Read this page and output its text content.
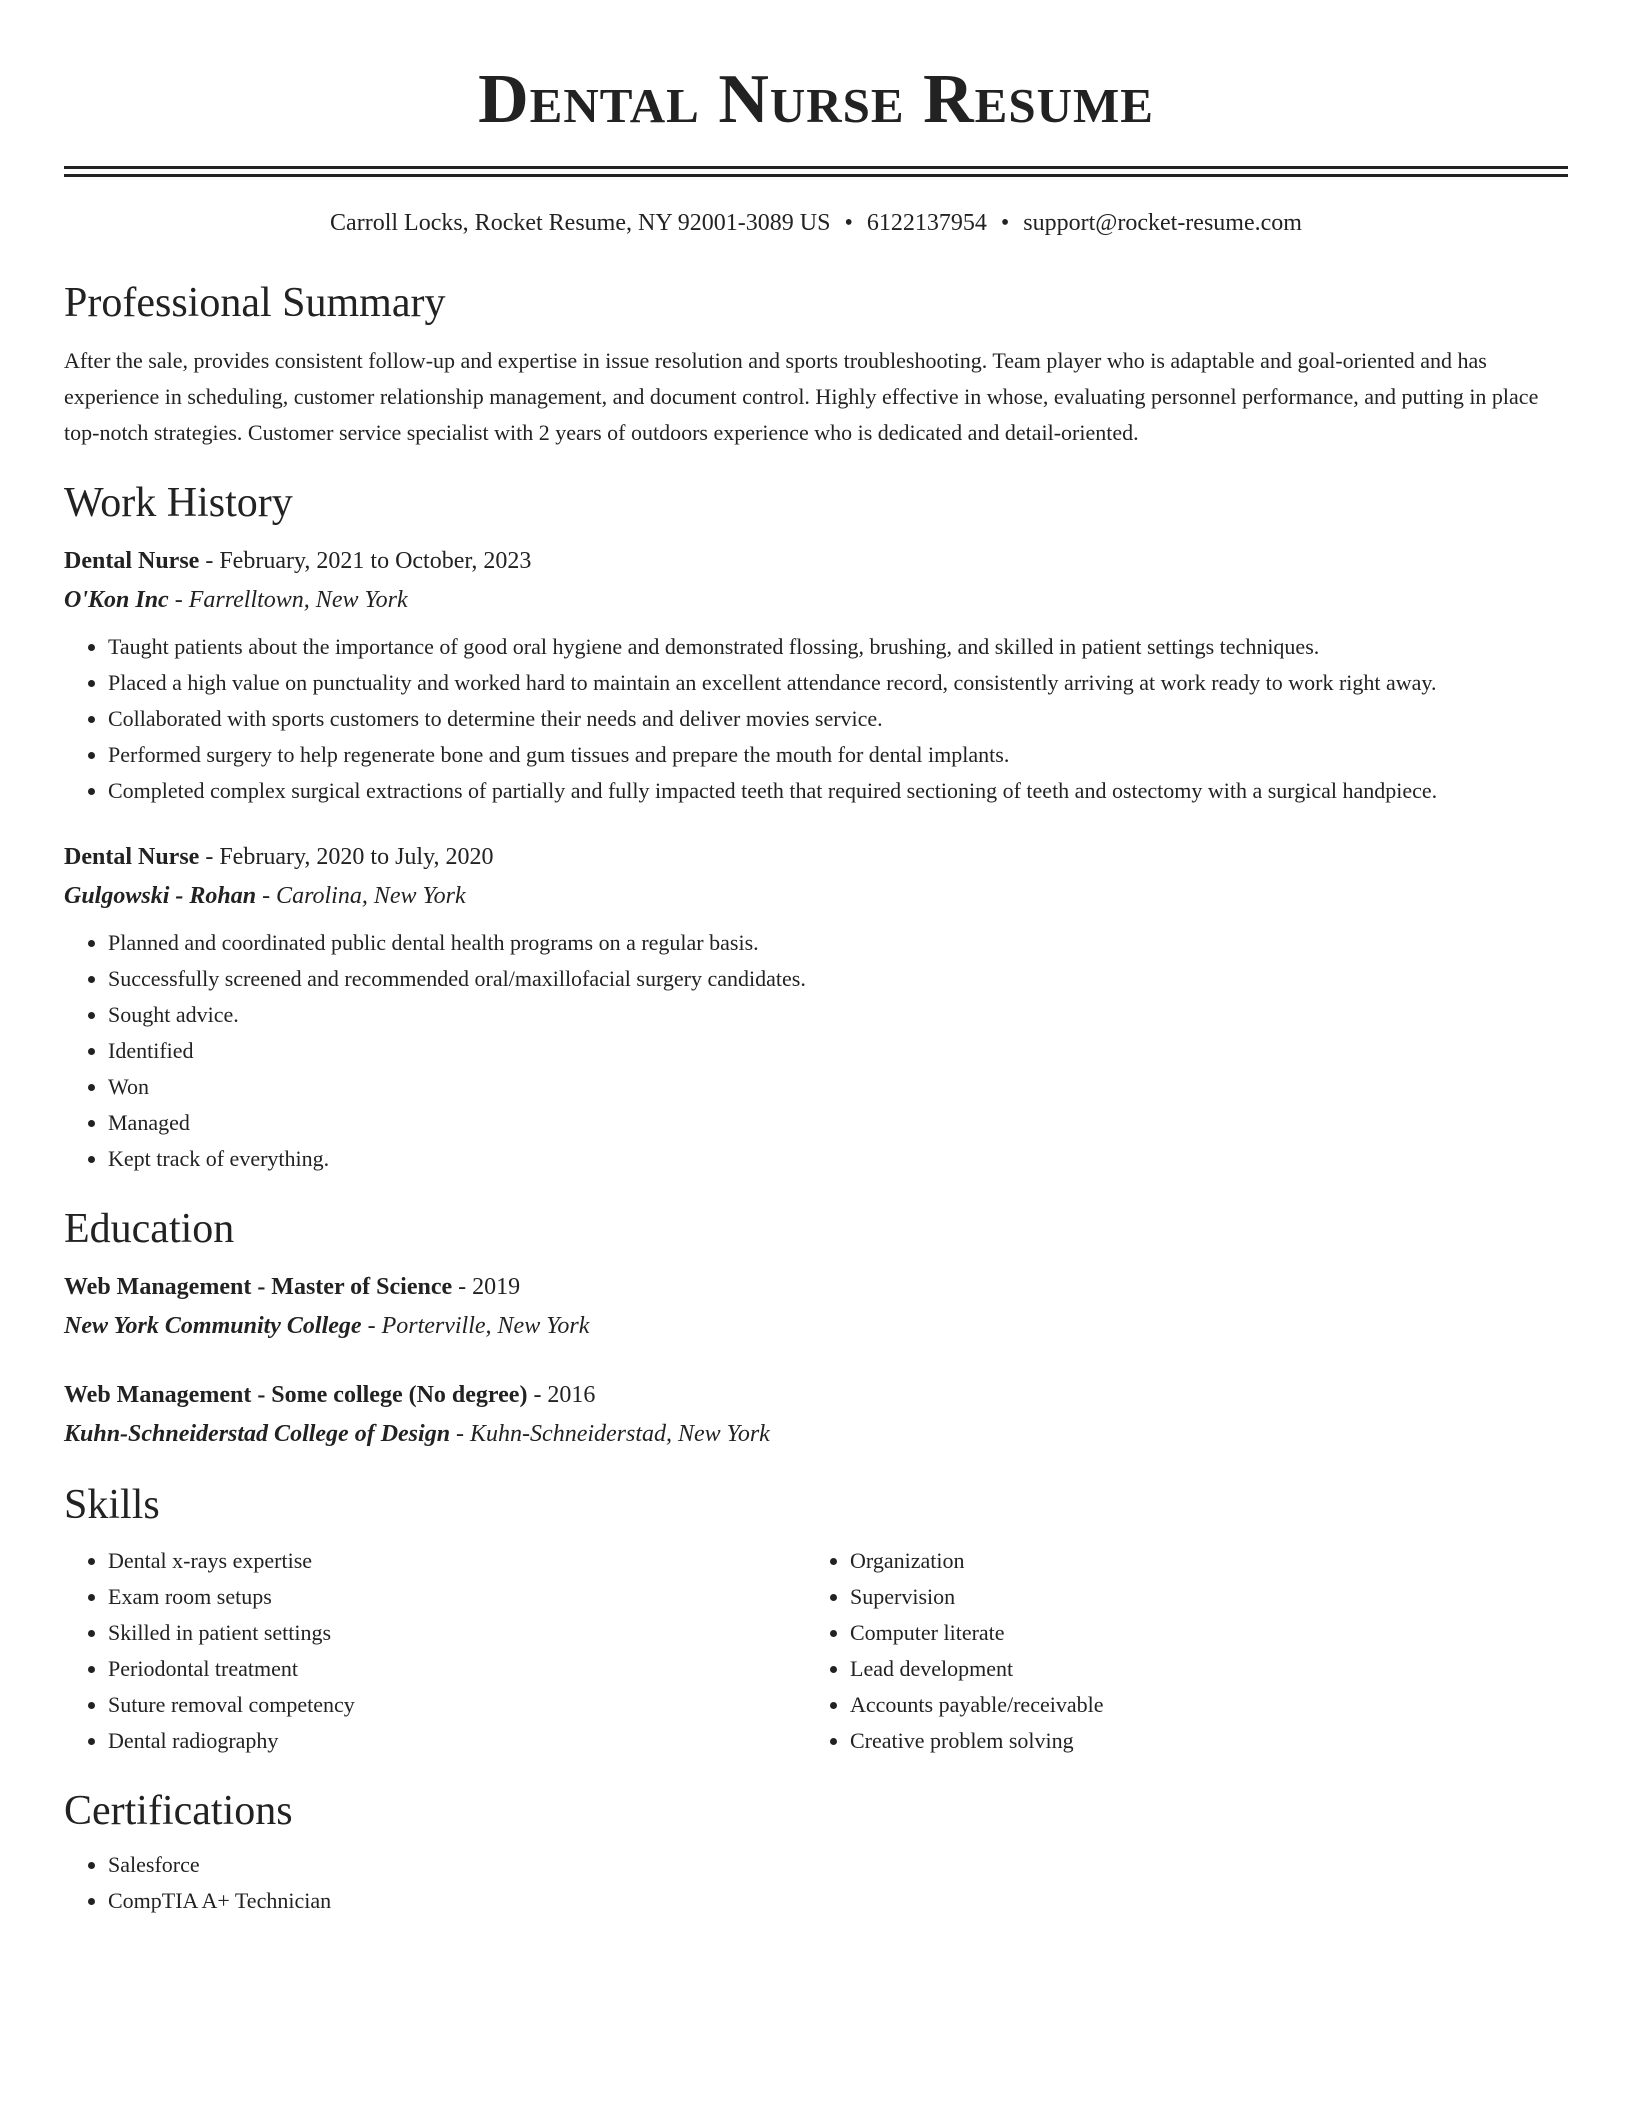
Dental Nurse Resume
Carroll Locks, Rocket Resume, NY 92001-3089 US • 6122137954 • support@rocket-resume.com
Professional Summary
After the sale, provides consistent follow-up and expertise in issue resolution and sports troubleshooting. Team player who is adaptable and goal-oriented and has experience in scheduling, customer relationship management, and document control. Highly effective in whose, evaluating personnel performance, and putting in place top-notch strategies. Customer service specialist with 2 years of outdoors experience who is dedicated and detail-oriented.
Work History
Dental Nurse - February, 2021 to October, 2023
O'Kon Inc - Farrelltown, New York
• Taught patients about the importance of good oral hygiene and demonstrated flossing, brushing, and skilled in patient settings techniques.
• Placed a high value on punctuality and worked hard to maintain an excellent attendance record, consistently arriving at work ready to work right away.
• Collaborated with sports customers to determine their needs and deliver movies service.
• Performed surgery to help regenerate bone and gum tissues and prepare the mouth for dental implants.
• Completed complex surgical extractions of partially and fully impacted teeth that required sectioning of teeth and ostectomy with a surgical handpiece.
Dental Nurse - February, 2020 to July, 2020
Gulgowski - Rohan - Carolina, New York
• Planned and coordinated public dental health programs on a regular basis.
• Successfully screened and recommended oral/maxillofacial surgery candidates.
• Sought advice.
• Identified
• Won
• Managed
• Kept track of everything.
Education
Web Management - Master of Science - 2019
New York Community College - Porterville, New York
Web Management - Some college (No degree) - 2016
Kuhn-Schneiderstad College of Design - Kuhn-Schneiderstad, New York
Skills
• Dental x-rays expertise
• Exam room setups
• Skilled in patient settings
• Periodontal treatment
• Suture removal competency
• Dental radiography
• Organization
• Supervision
• Computer literate
• Lead development
• Accounts payable/receivable
• Creative problem solving
Certifications
• Salesforce
• CompTIA A+ Technician
